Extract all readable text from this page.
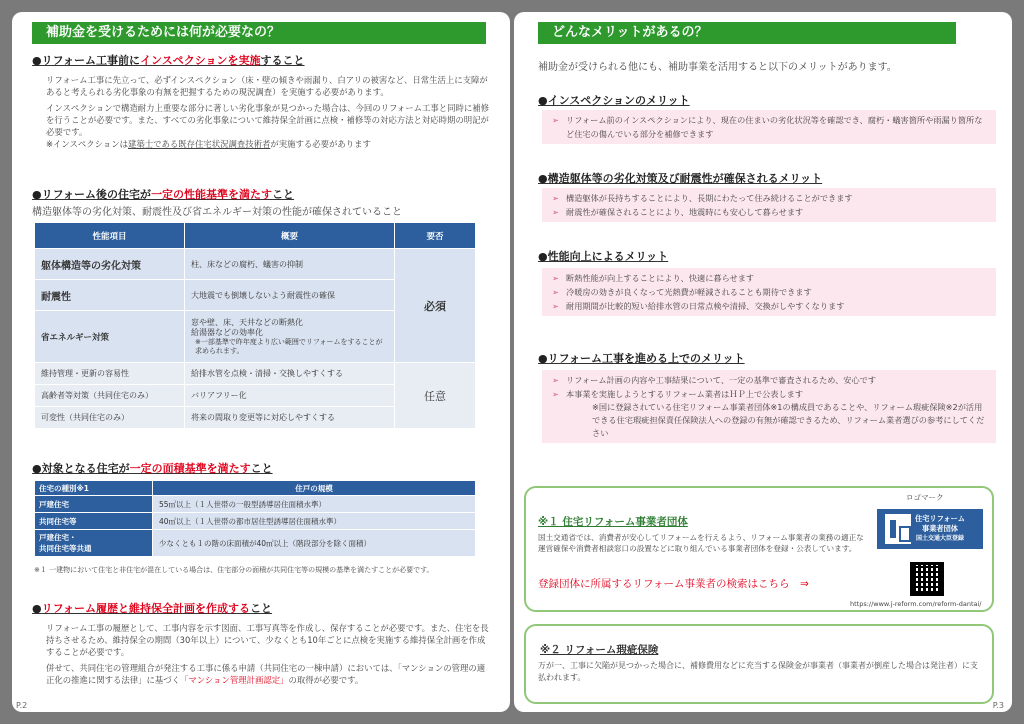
補助金を受けるためには何が必要なの？
●リフォーム工事前にインスペクションを実施すること

リフォーム工事に先立って、必ずインスペクション（床・壁の傾きや雨漏り、白アリの被害など、日常生活上に支障があると考えられる劣化事象の有無を把握するための現況調査）を実施する必要があります。

インスペクションで構造耐力上重要な部分に著しい劣化事象が見つかった場合は、今回のリフォーム工事と同時に補修を行うことが必要です。また、すべての劣化事象について維持保全計画に点検・補修等の対応方法と対応時期の明記が必要です。

※インスペクションは建築士である既存住宅状況調査技術者が実施する必要があります

●リフォーム後の住宅が一定の性能基準を満たすこと
構造躯体等の劣化対策、耐震性及び省エネルギー対策の性能が確保されていること
性能項目	概要	要否
躯体構造等の劣化対策	柱、床などの腐朽、蟻害の抑制	必須
耐震性	大地震でも倒壊しないよう耐震性の確保	
省エネルギー対策	窓や壁、床、天井などの断熱化
給湯器などの効率化
※一部基準で昨年度より広い範囲でリフォームをすることが求められます。	

維持管理・更新の容易性	給排水管を点検・清掃・交換しやすくする	任意
高齢者等対策（共同住宅のみ）	バリアフリー化	
可変性（共同住宅のみ）	将来の間取り変更等に対応しやすくする	
●対象となる住宅が一定の面積基準を満たすこと
住宅の種別※1	住戸の規模
戸建住宅	55㎡以上（１人世帯の一般型誘導居住面積水準）
共同住宅等	40㎡以上（１人世帯の都市居住型誘導居住面積水準）

戸建住宅・
共同住宅等共通	少なくとも１の階の床面積が40㎡以上（階段部分を除く面積）
※１ 一建物において住宅と非住宅が混在している場合は、住宅部分の面積が共同住宅等の規模の基準を満たすことが必要です。
●リフォーム履歴と維持保全計画を作成すること

リフォーム工事の履歴として、工事内容を示す図面、工事写真等を作成し、保存することが必要です。また、住宅を長持ちさせるため、維持保全の期間（30年以上）について、少なくとも10年ごとに点検を実施する維持保全計画を作成することが必要です。

併せて、共同住宅の管理組合が発注する工事に係る申請（共同住宅の一棟申請）においては、「マンションの管理の適正化の推進に関する法律」に基づく「マンション管理計画認定」の取得が必要です。

P.2
どんなメリットがあるの？
補助金が受けられる他にも、補助事業を活用すると以下のメリットがあります。
●インスペクションのメリット
➢ リフォーム前のインスペクションにより、現在の住まいの劣化状況等を確認でき、腐朽・蟻害箇所や雨漏り箇所など住宅の傷んでいる部分を補修できます
●構造躯体等の劣化対策及び耐震性が確保されるメリット
➢ 構造躯体が長持ちすることにより、長期にわたって住み続けることができます
➢ 耐震性が確保されることにより、地震時にも安心して暮らせます
●性能向上によるメリット
➢ 断熱性能が向上することにより、快適に暮らせます
➢ 冷暖房の効きが良くなって光熱費が軽減されることも期待できます
➢ 耐用期間が比較的短い給排水管の日常点検や清掃、交換がしやすくなります
●リフォーム工事を進める上でのメリット
➢ リフォーム計画の内容や工事結果について、一定の基準で審査されるため、安心です
➢ 本事業を実施しようとするリフォーム業者はＨＰ上で公表します
※国に登録されている住宅リフォーム事業者団体※1の構成員であることや、リフォーム瑕疵保険※2が活用できる住宅瑕疵担保責任保険法人への登録の有無が確認できるため、リフォーム業者選びの参考にしてください
ロゴマーク
※１ 住宅リフォーム事業者団体
国土交通省では、消費者が安心してリフォームを行えるよう、リフォーム事業者の業務の適正な運営確保や消費者相談窓口の設置などに取り組んでいる事業者団体を登録・公表しています。
登録団体に所属するリフォーム事業者の検索はこちら　⇒
住宅リフォーム
事業者団体
国土交通大臣登録
https://www.j-reform.com/reform-dantai/
※２ リフォーム瑕疵保険
万が一、工事に欠陥が見つかった場合に、補修費用などに充当する保険金が事業者（事業者が倒産した場合は発注者）に支払われます。
P.3
